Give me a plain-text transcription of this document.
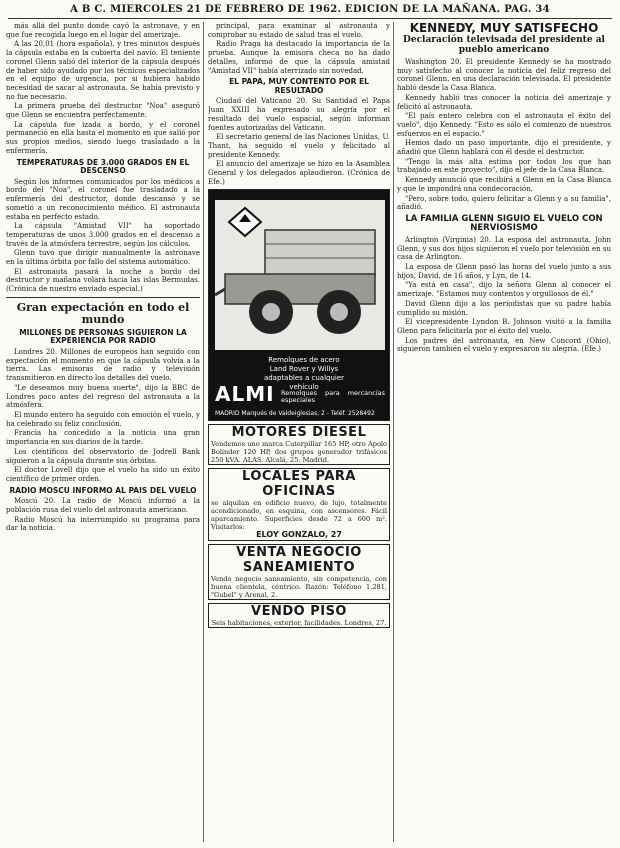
A B C. MIERCOLES 21 DE FEBRERO DE 1962. EDICION DE LA MAÑANA. PAG. 34

más allá del punto donde cayó la astronave, y en que fue recogida luego en el lugar del amerizaje.

A las 20,01 (hora española), y tres minutos después la cápsula estaba en la cubierta del navío. El teniente coronel Glenn salió del interior de la cápsula después de haber sido ayudado por los técnicos especializados en el equipo de urgencia, por si hubiera habido necesidad de sacar al astronauta. Se había previsto y no fue necesario.

La primera prueba del destructor "Noa" aseguró que Glenn se encuentra perfectamente.

La cápsula fue izada a bordo, y el coronel permaneció en ella hasta el momento en que salió por sus propios medios, siendo luego trasladado a la enfermería.

TEMPERATURAS DE 3.000 GRADOS EN EL DESCENSO

Según los informes comunicados por los médicos a bordo del "Noa", el coronel fue trasladado a la enfermería del destructor, donde descansó y se sometió a un reconocimiento médico. El astronauta estaba en perfecto estado.

La cápsula "Amistad VII" ha soportado temperaturas de unos 3.000 grados en el descenso a través de la atmósfera terrestre, según los cálculos.

Glenn tuvo que dirigir manualmente la astronave en la última órbita por fallo del sistema automático.

El astronauta pasará la noche a bordo del destructor y mañana volará hacia las islas Bermudas. (Crónica de nuestro enviado especial.)

Gran expectación en todo el mundo
MILLONES DE PERSONAS SIGUIERON LA EXPERIENCIA POR RADIO

Londres 20. Millones de europeos han seguido con expectación el momento en que la cápsula volvía a la tierra. Las emisoras de radio y televisión transmitieron en directo los detalles del vuelo.

"Le deseamos muy buena suerte", dijo la BBC de Londres poco antes del regreso del astronauta a la atmósfera.

El mundo entero ha seguido con emoción el vuelo, y ha celebrado su feliz conclusión.

Francia ha concedido a la noticia una gran importancia en sus diarios de la tarde.

Los científicos del observatorio de Jodrell Bank siguieron a la cápsula durante sus órbitas.

El doctor Lovell dijo que el vuelo ha sido un éxito científico de primer orden.

RADIO MOSCU INFORMO AL PAIS DEL VUELO

Moscú 20. La radio de Moscú informó a la población rusa del vuelo del astronauta americano.

Radio Moscú ha interrumpido su programa para dar la noticia.

principal, para examinar al astronauta y comprobar su estado de salud tras el vuelo.

Radio Praga ha destacado la importancia de la prueba. Aunque la emisora checa no ha dado detalles, informó de que la cápsula amistad "Amistad VII" había aterrizado sin novedad.

EL PAPA, MUY CONTENTO POR EL RESULTADO

Ciudad del Vaticano 20. Su Santidad el Papa Juan XXIII ha expresado su alegría por el resultado del vuelo espacial, según informan fuentes autorizadas del Vaticano.

El secretario general de las Naciones Unidas, U. Thant, ha seguido el vuelo y felicitado al presidente Kennedy.

El anuncio del amerizaje se hizo en la Asamblea General y los delegados aplaudieron. (Crónica de Efe.)

Remolques de acero
Land Rover y Willys
adaptables a cualquier
vehículo
ALMI Remolques para mercancías especiales
MADRID Marqués de Valdeiglesias, 2 - Teléf. 2528492
MOTORES DIESEL
Vendemos uno marca Caterpillar 165 HP, otro Apolo Bolinder 120 HP, dos grupos generador trifásicos 250 kVA. ALAS. Alcalá, 25. Madrid.
LOCALES PARA OFICINAS
se alquilan en edificio nuevo, de lujo, totalmente acondicionado, en esquina, con ascensores. Fácil aparcamiento. Superficies desde 72 a 600 m². Visitarlos:
ELOY GONZALO, 27
VENTA NEGOCIO SANEAMIENTO
Vendo negocio saneamiento, sin competencia, con buena clientela, céntrico. Razón: Teléfono 1.281, "Gubel" y Arenal, 2.
VENDO PISO
Seis habitaciones, exterior, facilidades. Londres, 27.
KENNEDY, MUY SATISFECHO
Declaración televisada del presidente al pueblo americano

Washington 20. El presidente Kennedy se ha mostrado muy satisfecho al conocer la noticia del feliz regreso del coronel Glenn, en una declaración televisada. El presidente habló desde la Casa Blanca.

Kennedy habló tras conocer la noticia del amerizaje y felicitó al astronauta.

"El país entero celebra con el astronauta el éxito del vuelo", dijo Kennedy. "Esto es sólo el comienzo de nuestros esfuerzos en el espacio."

Hemos dado un paso importante, dijo el presidente, y añadió que Glenn hablará con él desde el destructor.

"Tengo la más alta estima por todos los que han trabajado en este proyecto", dijo el jefe de la Casa Blanca.

Kennedy anunció que recibirá a Glenn en la Casa Blanca y que le impondrá una condecoración.

"Pero, sobre todo, quiero felicitar a Glenn y a su familia", añadió.

LA FAMILIA GLENN SIGUIO EL VUELO CON NERVIOSISMO

Arlington (Virginia) 20. La esposa del astronauta, John Glenn, y sus dos hijos siguieron el vuelo por televisión en su casa de Arlington.

La esposa de Glenn pasó las horas del vuelo junto a sus hijos, David, de 16 años, y Lyn, de 14.

"Ya está en casa", dijo la señora Glenn al conocer el amerizaje. "Estamos muy contentos y orgullosos de él."

David Glenn dijo a los periodistas que su padre había cumplido su misión.

El vicepresidente Lyndon B. Johnson visitó a la familia Glenn para felicitarla por el éxito del vuelo.

Los padres del astronauta, en New Concord (Ohio), siguieron también el vuelo y expresaron su alegría. (Efe.)
